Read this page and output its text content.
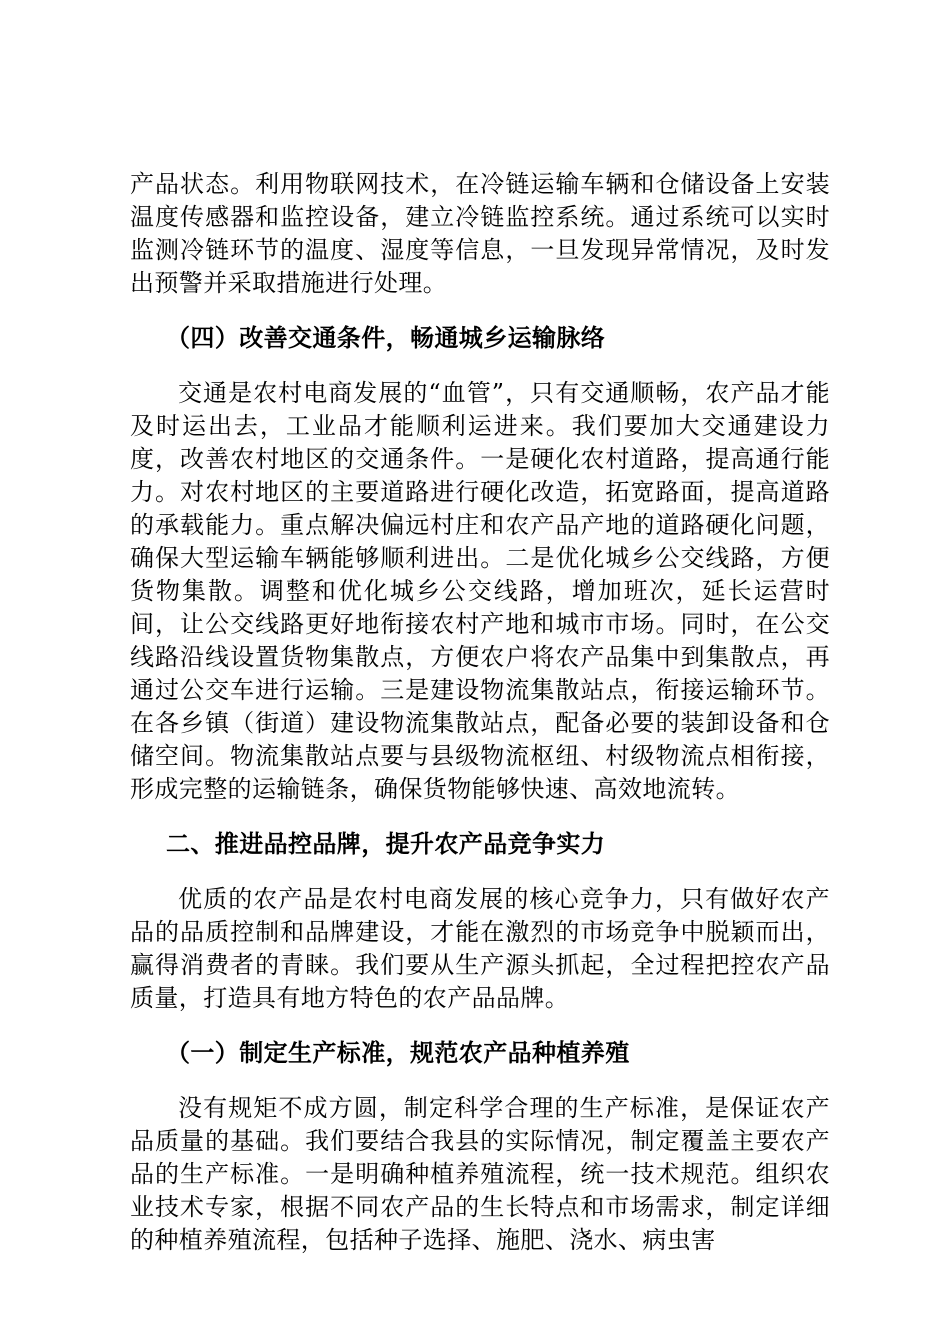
产品状态。利用物联网技术，在冷链运输车辆和仓储设备上安装温度传感器和监控设备，建立冷链监控系统。通过系统可以实时监测冷链环节的温度、湿度等信息，一旦发现异常情况，及时发出预警并采取措施进行处理。

（四）改善交通条件，畅通城乡运输脉络

交通是农村电商发展的“血管”，只有交通顺畅，农产品才能及时运出去，工业品才能顺利运进来。我们要加大交通建设力度，改善农村地区的交通条件。一是硬化农村道路，提高通行能力。对农村地区的主要道路进行硬化改造，拓宽路面，提高道路的承载能力。重点解决偏远村庄和农产品产地的道路硬化问题，确保大型运输车辆能够顺利进出。二是优化城乡公交线路，方便货物集散。调整和优化城乡公交线路，增加班次，延长运营时间，让公交线路更好地衔接农村产地和城市市场。同时，在公交线路沿线设置货物集散点，方便农户将农产品集中到集散点，再通过公交车进行运输。三是建设物流集散站点，衔接运输环节。在各乡镇（街道）建设物流集散站点，配备必要的装卸设备和仓储空间。物流集散站点要与县级物流枢纽、村级物流点相衔接，形成完整的运输链条，确保货物能够快速、高效地流转。

二、推进品控品牌，提升农产品竞争实力

优质的农产品是农村电商发展的核心竞争力，只有做好农产品的品质控制和品牌建设，才能在激烈的市场竞争中脱颖而出，赢得消费者的青睐。我们要从生产源头抓起，全过程把控农产品质量，打造具有地方特色的农产品品牌。

（一）制定生产标准，规范农产品种植养殖

没有规矩不成方圆，制定科学合理的生产标准，是保证农产品质量的基础。我们要结合我县的实际情况，制定覆盖主要农产品的生产标准。一是明确种植养殖流程，统一技术规范。组织农业技术专家，根据不同农产品的生长特点和市场需求，制定详细的种植养殖流程，包括种子选择、施肥、浇水、病虫害
